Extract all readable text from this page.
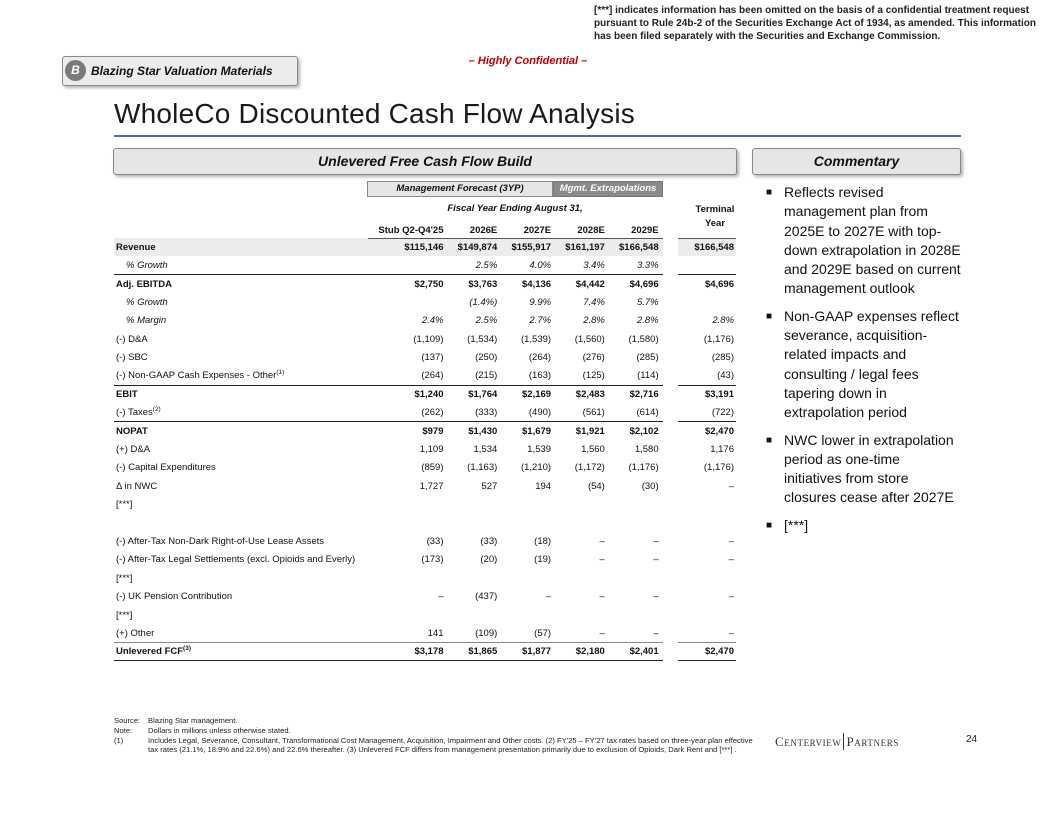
[***] indicates information has been omitted on the basis of a confidential treatment request pursuant to Rule 24b-2 of the Securities Exchange Act of 1934, as amended. This information has been filed separately with the Securities and Exchange Commission.
– Highly Confidential –
B Blazing Star Valuation Materials
WholeCo Discounted Cash Flow Analysis
Unlevered Free Cash Flow Build	Commentary
Management Forecast (3YP)	Mgmt. Extrapolations
Fiscal Year Ending August 31,	Terminal Year
	Stub Q2-Q4'25	2026E	2027E	2028E	2029E		
Revenue	$115,146	$149,874	$155,917	$161,197	$166,548		$166,548
% Growth		2.5%	4.0%	3.4%	3.3%		
Adj. EBITDA	$2,750	$3,763	$4,136	$4,442	$4,696		$4,696
% Growth		(1.4%)	9.9%	7.4%	5.7%		
% Margin	2.4%	2.5%	2.7%	2.8%	2.8%		2.8%
(-) D&A	(1,109)	(1,534)	(1,539)	(1,560)	(1,580)		(1,176)
(-) SBC	(137)	(250)	(264)	(276)	(285)		(285)
(-) Non-GAAP Cash Expenses - Other$^{(1)}$	(264)	(215)	(163)	(125)	(114)		(43)
EBIT	$1,240	$1,764	$2,169	$2,483	$2,716		$3,191
(-) Taxes$^{(2)}$	(262)	(333)	(490)	(561)	(614)		(722)
NOPAT	$979	$1,430	$1,679	$1,921	$2,102		$2,470
(+) D&A	1,109	1,534	1,539	1,560	1,580		1,176
(-) Capital Expenditures	(859)	(1,163)	(1,210)	(1,172)	(1,176)		(1,176)
Δ in NWC	1,727	527	194	(54)	(30)		–
[***]							

(-) After-Tax Non-Dark Right-of-Use Lease Assets	(33)	(33)	(18)	–	–		–
(-) After-Tax Legal Settlements (excl. Opioids and Everly)	(173)	(20)	(19)	–	–		–
[***]							
(-) UK Pension Contribution	–	(437)	–	–	–		–
[***]							
(+) Other	141	(109)	(57)	–	–		–
Unlevered FCF$^{(3)}$	$3,178	$1,865	$1,877	$2,180	$2,401		$2,470
■ Reflects revised management plan from 2025E to 2027E with top-down extrapolation in 2028E and 2029E based on current management outlook
■ Non-GAAP expenses reflect severance, acquisition-related impacts and consulting / legal fees tapering down in extrapolation period
■ NWC lower in extrapolation period as one-time initiatives from store closures cease after 2027E
■ [***]
Source:	Blazing Star management.
Note:	Dollars in millions unless otherwise stated.
(1)	Includes Legal, Severance, Consultant, Transformational Cost Management, Acquisition, Impairment and Other costs. (2) FY'25 – FY'27 tax rates based on three-year plan effective tax rates (21.1%, 18.9% and 22.6%) and 22.6% thereafter. (3) Unlevered FCF differs from management presentation primarily due to exclusion of Opioids, Dark Rent and [***] .
Centerview Partners	24
